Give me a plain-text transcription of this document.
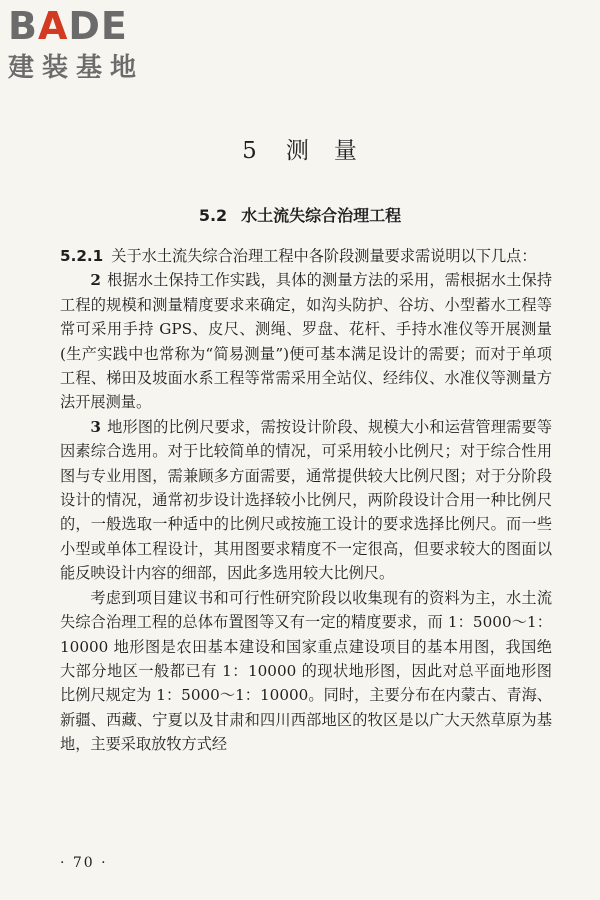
BADE
建装基地
5 测　量
5.2 水土流失综合治理工程

5.2.1 关于水土流失综合治理工程中各阶段测量要求需说明以下几点：

2 根据水土保持工作实践，具体的测量方法的采用，需根据水土保持工程的规模和测量精度要求来确定，如沟头防护、谷坊、小型蓄水工程等常可采用手持 GPS、皮尺、测绳、罗盘、花杆、手持水准仪等开展测量(生产实践中也常称为“简易测量”)便可基本满足设计的需要；而对于单项工程、梯田及坡面水系工程等常需采用全站仪、经纬仪、水准仪等测量方法开展测量。

3 地形图的比例尺要求，需按设计阶段、规模大小和运营管理需要等因素综合选用。对于比较简单的情况，可采用较小比例尺；对于综合性用图与专业用图，需兼顾多方面需要，通常提供较大比例尺图；对于分阶段设计的情况，通常初步设计选择较小比例尺，两阶段设计合用一种比例尺的，一般选取一种适中的比例尺或按施工设计的要求选择比例尺。而一些小型或单体工程设计，其用图要求精度不一定很高，但要求较大的图面以能反映设计内容的细部，因此多选用较大比例尺。

考虑到项目建议书和可行性研究阶段以收集现有的资料为主，水土流失综合治理工程的总体布置图等又有一定的精度要求，而 1：5000～1：10000 地形图是农田基本建设和国家重点建设项目的基本用图，我国绝大部分地区一般都已有 1：10000 的现状地形图，因此对总平面地形图比例尺规定为 1：5000～1：10000。同时，主要分布在内蒙古、青海、新疆、西藏、宁夏以及甘肃和四川西部地区的牧区是以广大天然草原为基地，主要采取放牧方式经

· 70 ·
